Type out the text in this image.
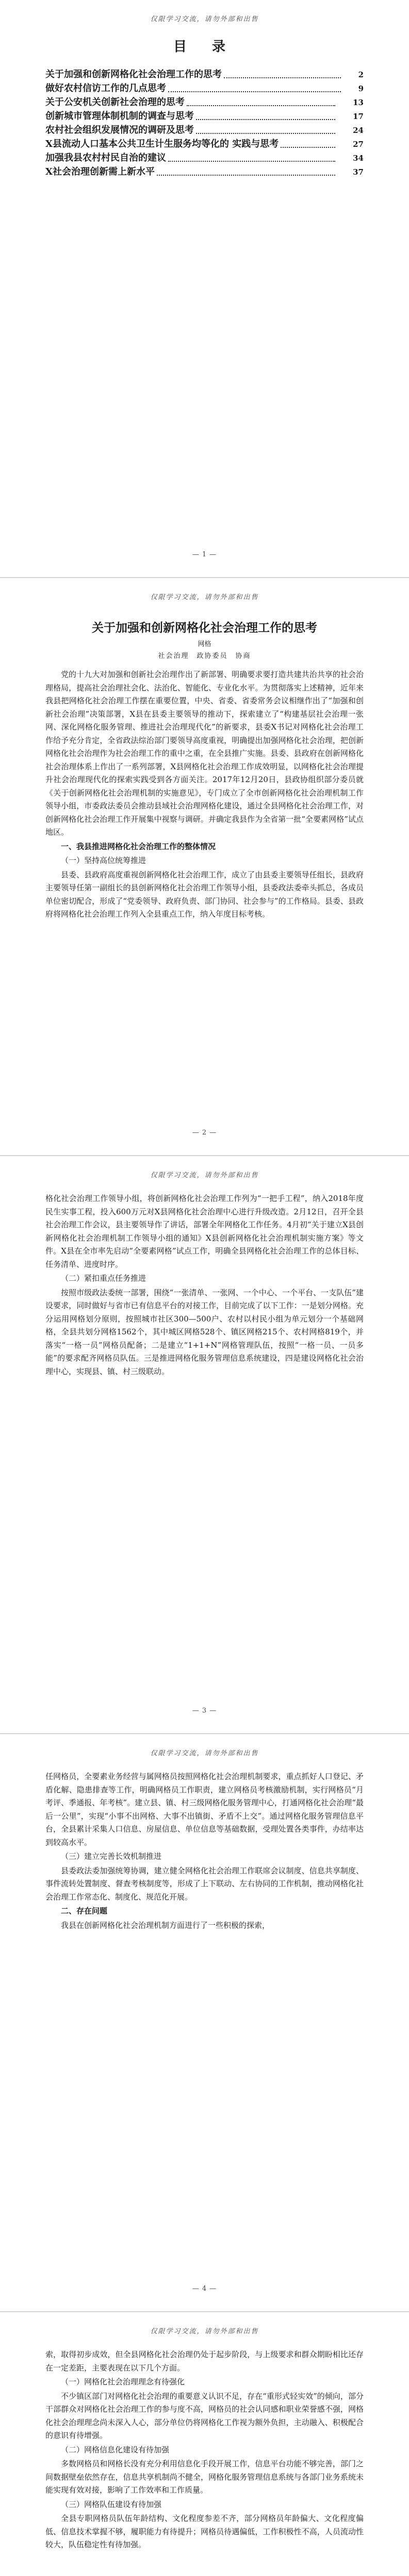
仅限学习交流，请勿外部和出售
目 录
关于加强和创新网格化社会治理工作的思考	2
做好农村信访工作的几点思考	9
关于公安机关创新社会治理的思考	13
创新城市管理体制机制的调查与思考	17
农村社会组织发展情况的调研及思考	24
X县流动人口基本公共卫生计生服务均等化的 实践与思考	27
加强我县农村村民自治的建议	34
X社会治理创新需上新水平	37
— 1 —
仅限学习交流，请勿外部和出售
关于加强和创新网格化社会治理工作的思考
网格
社会治理　政协委员　协商

党的十九大对加强和创新社会治理作出了新部署、明确要求要打造共建共治共享的社会治理格局，提高社会治理社会化、法治化、智能化、专业化水平。为贯彻落实上述精神，近年来我县把网格化社会治理工作摆在重要位置，中央、省委、省委常务会议相继作出了“加强和创新社会治理”决策部署，X县在县委主要领导的推动下，探索建立了“构建基层社会治理一张网、深化网格化服务管理、推进社会治理现代化”的新要求，县委X书记对网格化社会治理工作给予充分肯定，全省政法综治部门要领导高度重视，明确提出加强网格化社会治理，把创新网格化社会治理作为社会治理工作的重中之重，在全县推广实施。县委、县政府在创新网格化社会治理体系上作出了一系列部署，X县网格化社会治理工作成效明显，以网格化社会治理提升社会治理现代化的探索实践受到各方面关注。2017年12月20日，县政协组织部分委员就《关于创新网格化社会治理机制的实施意见》，专门成立了全市创新网格化社会治理机制工作领导小组，市委政法委员会推动县域社会治理网格化建设，通过全县网格化社会治理工作，对创新网格化社会治理工作开展集中视察与调研。并确定我县作为全省第一批“全要素网格”试点地区。

一、我县推进网格化社会治理工作的整体情况
（一）坚持高位统筹推进

县委、县政府高度重视创新网格化社会治理工作，成立了由县委主要领导任组长，县政府主要领导任第一副组长的县创新网格化社会治理工作领导小组，县委政法委牵头抓总，各成员单位密切配合，形成了“党委领导、政府负责、部门协同、社会参与”的工作格局。县委、县政府将网格化社会治理工作列入全县重点工作，纳入年度目标考核。

— 2 —
仅限学习交流，请勿外部和出售

格化社会治理工作领导小组，将创新网格化社会治理工作列为“一把手工程”，纳入2018年度民生实事工程，投入600万元对X县网格化社会治理中心进行升级改造。2月12日，召开全县社会治理工作会议，县主要领导作了讲话，部署全年网格化工作任务。4月初“关于建立X县创新网格化社会治理机制工作领导小组的通知》X县创新网格化社会治理机制实施方案》等文件。X县在全市率先启动“全要素网格”试点工作，明确全县网格化社会治理工作的总体目标、任务清单、进度时序。

（二）紧扣重点任务推进

按照市级政法委统一部署，围绕“一张清单、一张网、一个中心、一个平台、一支队伍”建设要求，同时做好与省市已有信息平台的对接工作，目前完成了以下工作：一是划分网格。充分运用网格划分原则，按照城市社区300—500户、农村以村民小组为单元划分一个基础网格，全县共划分网格1562个，其中城区网格528个、镇区网格215个、农村网格819个，并落实“一格一员”网格员配备；二是建立“1+1+N”网格管理队伍，按照“一格一员、一员多能”的要求配齐网格员队伍。三是推进网格化服务管理信息系统建设，四是建设网格化社会治理中心，实现县、镇、村三级联动。

— 3 —
仅限学习交流，请勿外部和出售

任网格员，全要素业务经营与属网格员按照网格化社会治理机制要求，重点抓好人口登记、矛盾化解、隐患排查等工作，明确网格员工作职责，建立网格员考核激励机制，实行网格员“月考评、季通报、年考核”。建立县、镇、村三级网格化服务管理中心，打通网格化社会治理“最后一公里”，实现“小事不出网格、大事不出镇街、矛盾不上交”。通过网格化服务管理信息平台，全县累计采集人口信息、房屋信息、单位信息等基础数据，受理处置各类事件，办结率达到较高水平。

（三）建立完善长效机制推进

县委政法委加强统筹协调，建立健全网格化社会治理工作联席会议制度、信息共享制度、事件流转处置制度、督查考核制度等，形成了上下联动、左右协同的工作机制，推动网格化社会治理工作常态化、制度化、规范化开展。

二、存在问题

我县在创新网格化社会治理机制方面进行了一些积极的探索，

— 4 —
仅限学习交流，请勿外部和出售

索，取得初步成效，但全县网格化社会治理仍处于起步阶段，与上级要求和群众期盼相比还存在一定差距，主要表现在以下几个方面。

（一）网格化社会治理理念有待强化

不少镇区部门对网格化社会治理的重要意义认识不足，存在“重形式轻实效”的倾向，部分干部群众对网格化社会治理工作的参与度不高，网格员的社会认同感和职业荣誉感不强，网格化社会治理理念尚未深入人心，部分单位仍将网格化工作视为额外负担，主动融入、积极配合的意识有待增强。

（二）网格信息化建设有待加强

多数网格员和网格长没有充分利用信息化手段开展工作，信息平台功能不够完善，部门之间数据壁垒依然存在，信息共享机制尚不健全，网格化服务管理信息系统与各部门业务系统未能实现有效对接，影响了工作效率和工作质量。

（三）网格队伍建设有待加强

全县专职网格员队伍年龄结构、文化程度参差不齐，部分网格员年龄偏大、文化程度偏低、信息技术掌握不够，履职能力有待提升；网格员待遇偏低，工作积极性不高，人员流动性较大，队伍稳定性有待加强。
